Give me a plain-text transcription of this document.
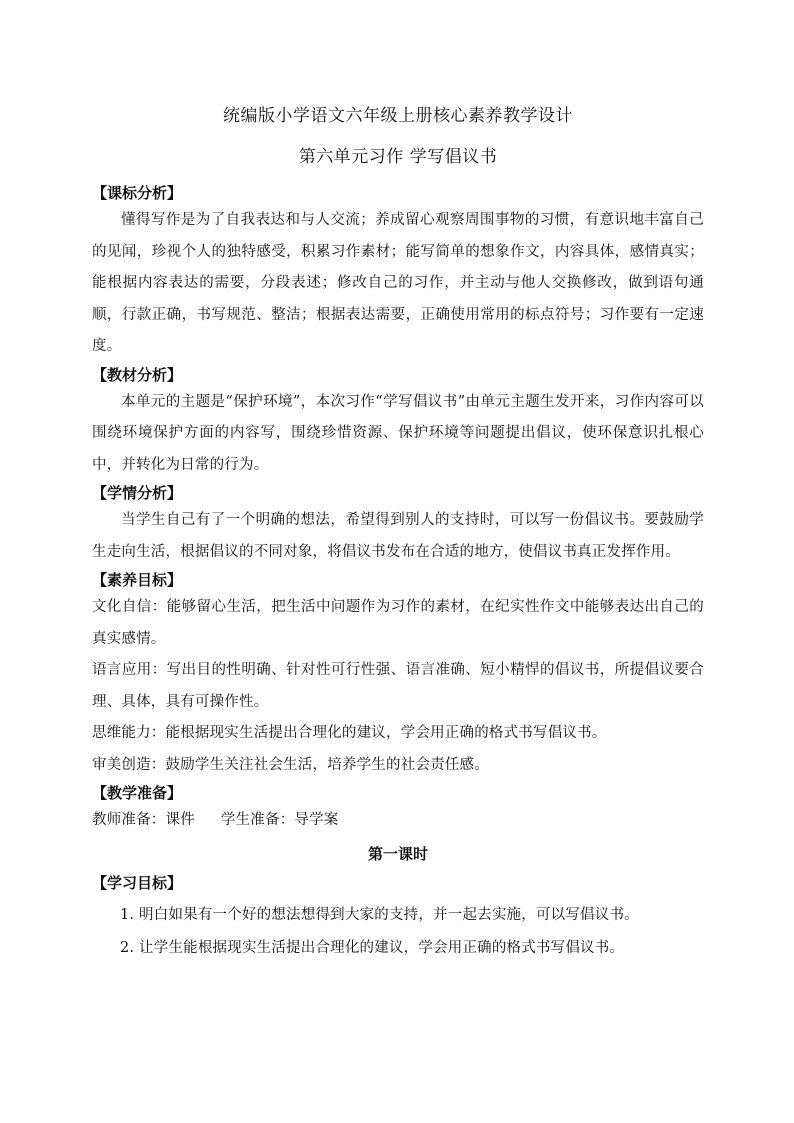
统编版小学语文六年级上册核心素养教学设计

第六单元习作 学写倡议书

【课标分析】

懂得写作是为了自我表达和与人交流；养成留心观察周围事物的习惯，有意识地丰富自己的见闻，珍视个人的独特感受，积累习作素材；能写简单的想象作文，内容具体，感情真实；能根据内容表达的需要，分段表述；修改自己的习作，并主动与他人交换修改，做到语句通顺，行款正确，书写规范、整洁；根据表达需要，正确使用常用的标点符号；习作要有一定速度。

【教材分析】

本单元的主题是“保护环境”，本次习作“学写倡议书”由单元主题生发开来，习作内容可以围绕环境保护方面的内容写，围绕珍惜资源、保护环境等问题提出倡议，使环保意识扎根心中，并转化为日常的行为。

【学情分析】

当学生自己有了一个明确的想法，希望得到别人的支持时，可以写一份倡议书。要鼓励学生走向生活，根据倡议的不同对象，将倡议书发布在合适的地方，使倡议书真正发挥作用。

【素养目标】

文化自信：能够留心生活，把生活中问题作为习作的素材，在纪实性作文中能够表达出自己的真实感情。

语言应用：写出目的性明确、针对性可行性强、语言准确、短小精悍的倡议书，所提倡议要合理、具体，具有可操作性。

思维能力：能根据现实生活提出合理化的建议，学会用正确的格式书写倡议书。

审美创造：鼓励学生关注社会生活，培养学生的社会责任感。

【教学准备】

教师准备：课件 学生准备：导学案

第一课时

【学习目标】

1. 明白如果有一个好的想法想得到大家的支持，并一起去实施，可以写倡议书。

2. 让学生能根据现实生活提出合理化的建议，学会用正确的格式书写倡议书。
